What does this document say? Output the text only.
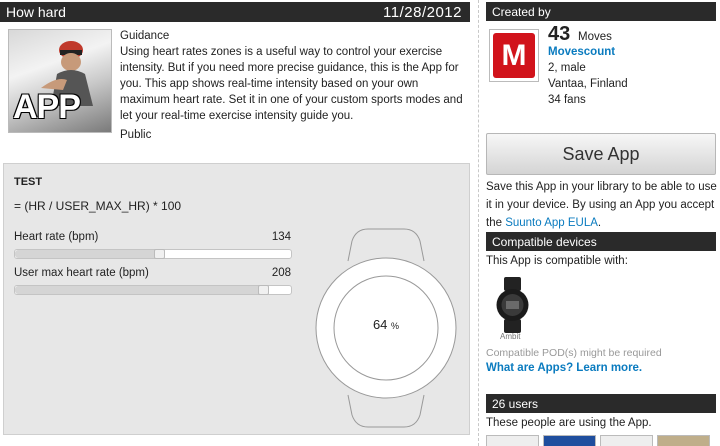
How hard	11/28/2012
APP
Guidance
Using heart rates zones is a useful way to control your exercise intensity. But if you need more precise guidance, this is the App for you. This app shows real-time intensity based on your own maximum heart rate. Set it in one of your custom sports modes and let your real-time exercise intensity guide you.
Public
TEST
= (HR / USER_MAX_HR) * 100
Heart rate (bpm)	134
User max heart rate (bpm)	208
64 %
Created by
M
43 Moves
Movescount
2, male
Vantaa, Finland
34 fans
Save App
Save this App in your library to be able to use it in your device. By using an App you accept the Suunto App EULA.
Compatible devices
This App is compatible with:
Ambit
Compatible POD(s) might be required
What are Apps? Learn more.
26 users
These people are using the App.
